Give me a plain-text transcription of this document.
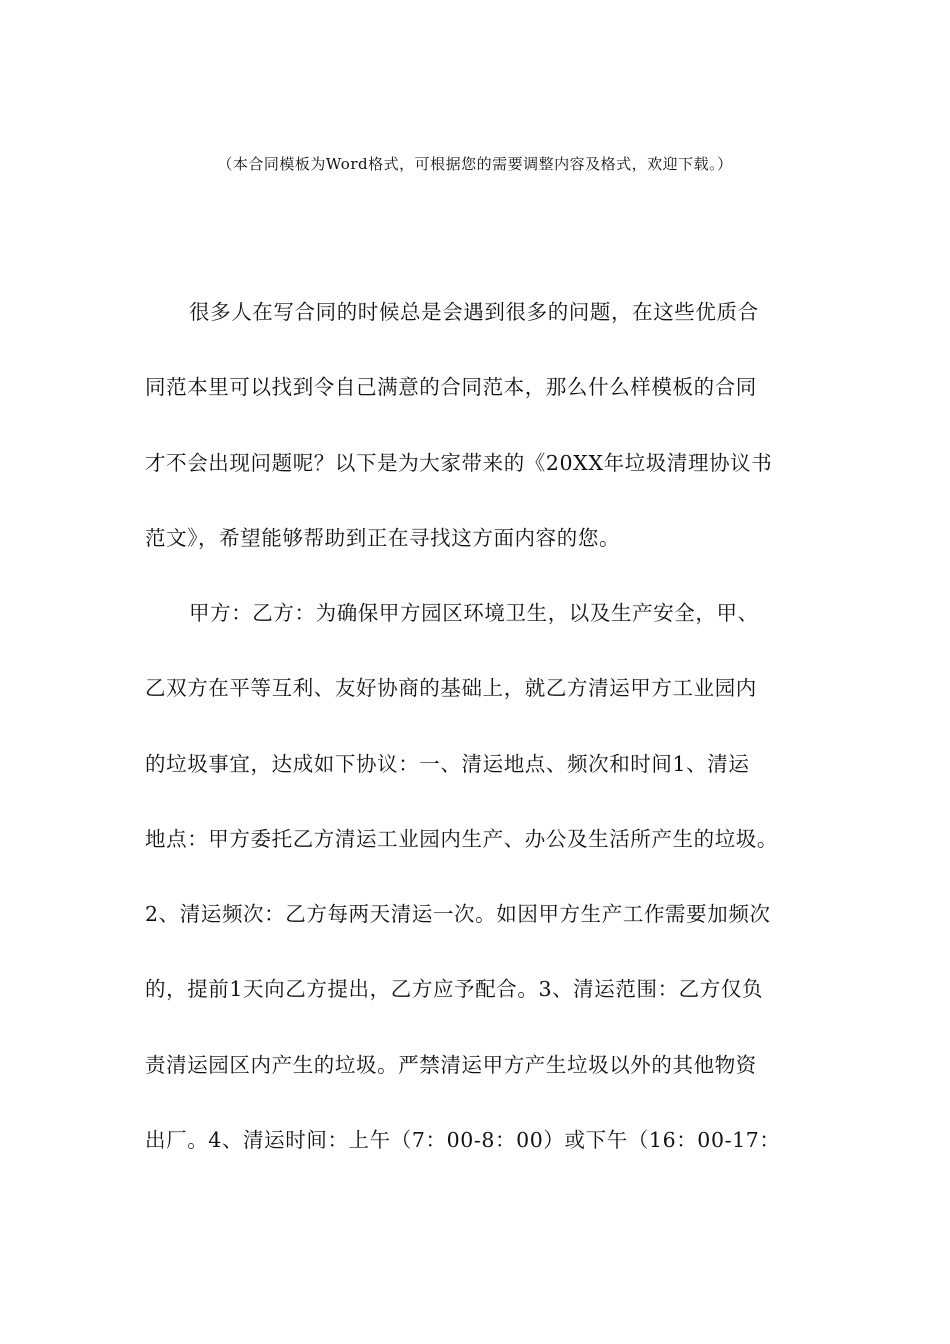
（本合同模板为Word格式，可根据您的需要调整内容及格式，欢迎下载。）
很多人在写合同的时候总是会遇到很多的问题，在这些优质合
同范本里可以找到令自己满意的合同范本，那么什么样模板的合同
才不会出现问题呢？以下是为大家带来的《20XX年垃圾清理协议书
范文》，希望能够帮助到正在寻找这方面内容的您。
甲方：乙方：为确保甲方园区环境卫生，以及生产安全，甲、
乙双方在平等互利、友好协商的基础上，就乙方清运甲方工业园内
的垃圾事宜，达成如下协议：一、清运地点、频次和时间1、清运
地点：甲方委托乙方清运工业园内生产、办公及生活所产生的垃圾。
2、清运频次：乙方每两天清运一次。如因甲方生产工作需要加频次
的，提前1天向乙方提出，乙方应予配合。3、清运范围：乙方仅负
责清运园区内产生的垃圾。严禁清运甲方产生垃圾以外的其他物资
出厂。4、清运时间：上午（7：00-8：00）或下午（16：00-17：
